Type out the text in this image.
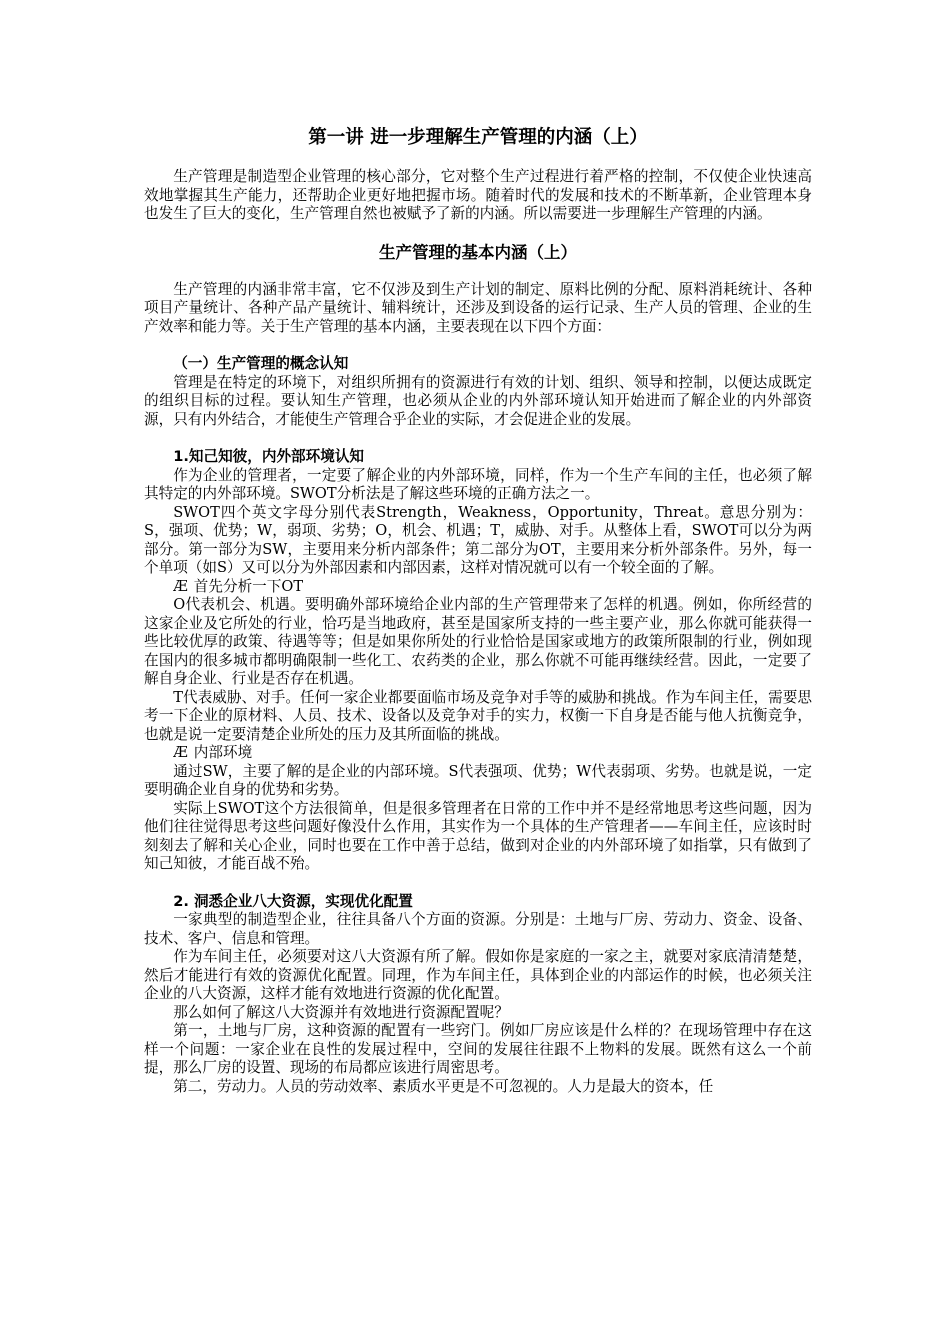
第一讲 进一步理解生产管理的内涵（上）

生产管理是制造型企业管理的核心部分，它对整个生产过程进行着严格的控制，不仅使企业快速高效地掌握其生产能力，还帮助企业更好地把握市场。随着时代的发展和技术的不断革新，企业管理本身也发生了巨大的变化，生产管理自然也被赋予了新的内涵。所以需要进一步理解生产管理的内涵。

生产管理的基本内涵（上）

生产管理的内涵非常丰富，它不仅涉及到生产计划的制定、原料比例的分配、原料消耗统计、各种项目产量统计、各种产品产量统计、辅料统计，还涉及到设备的运行记录、生产人员的管理、企业的生产效率和能力等。关于生产管理的基本内涵，主要表现在以下四个方面：

（一）生产管理的概念认知

管理是在特定的环境下，对组织所拥有的资源进行有效的计划、组织、领导和控制，以便达成既定的组织目标的过程。要认知生产管理，也必须从企业的内外部环境认知开始进而了解企业的内外部资源，只有内外结合，才能使生产管理合乎企业的实际，才会促进企业的发展。

1.知己知彼，内外部环境认知

作为企业的管理者，一定要了解企业的内外部环境，同样，作为一个生产车间的主任，也必须了解其特定的内外部环境。SWOT分析法是了解这些环境的正确方法之一。

SWOT四个英文字母分别代表Strength，Weakness，Opportunity，Threat。意思分别为：S，强项、优势；W，弱项、劣势；O，机会、机遇；T，威胁、对手。从整体上看，SWOT可以分为两部分。第一部分为SW，主要用来分析内部条件；第二部分为OT，主要用来分析外部条件。另外，每一个单项（如S）又可以分为外部因素和内部因素，这样对情况就可以有一个较全面的了解。

Æ 首先分析一下OT

O代表机会、机遇。要明确外部环境给企业内部的生产管理带来了怎样的机遇。例如，你所经营的这家企业及它所处的行业，恰巧是当地政府，甚至是国家所支持的一些主要产业，那么你就可能获得一些比较优厚的政策、待遇等等；但是如果你所处的行业恰恰是国家或地方的政策所限制的行业，例如现在国内的很多城市都明确限制一些化工、农药类的企业，那么你就不可能再继续经营。因此，一定要了解自身企业、行业是否存在机遇。

T代表威胁、对手。任何一家企业都要面临市场及竞争对手等的威胁和挑战。作为车间主任，需要思考一下企业的原材料、人员、技术、设备以及竞争对手的实力，权衡一下自身是否能与他人抗衡竞争，也就是说一定要清楚企业所处的压力及其所面临的挑战。

Æ 内部环境

通过SW，主要了解的是企业的内部环境。S代表强项、优势；W代表弱项、劣势。也就是说，一定要明确企业自身的优势和劣势。

实际上SWOT这个方法很简单，但是很多管理者在日常的工作中并不是经常地思考这些问题，因为他们往往觉得思考这些问题好像没什么作用，其实作为一个具体的生产管理者——车间主任，应该时时刻刻去了解和关心企业，同时也要在工作中善于总结，做到对企业的内外部环境了如指掌，只有做到了知己知彼，才能百战不殆。

2. 洞悉企业八大资源，实现优化配置

一家典型的制造型企业，往往具备八个方面的资源。分别是：土地与厂房、劳动力、资金、设备、技术、客户、信息和管理。

作为车间主任，必须要对这八大资源有所了解。假如你是家庭的一家之主，就要对家底清清楚楚，然后才能进行有效的资源优化配置。同理，作为车间主任，具体到企业的内部运作的时候，也必须关注企业的八大资源，这样才能有效地进行资源的优化配置。

那么如何了解这八大资源并有效地进行资源配置呢？

第一，土地与厂房，这种资源的配置有一些窍门。例如厂房应该是什么样的？在现场管理中存在这样一个问题：一家企业在良性的发展过程中，空间的发展往往跟不上物料的发展。既然有这么一个前提，那么厂房的设置、现场的布局都应该进行周密思考。

第二，劳动力。人员的劳动效率、素质水平更是不可忽视的。人力是最大的资本，任
